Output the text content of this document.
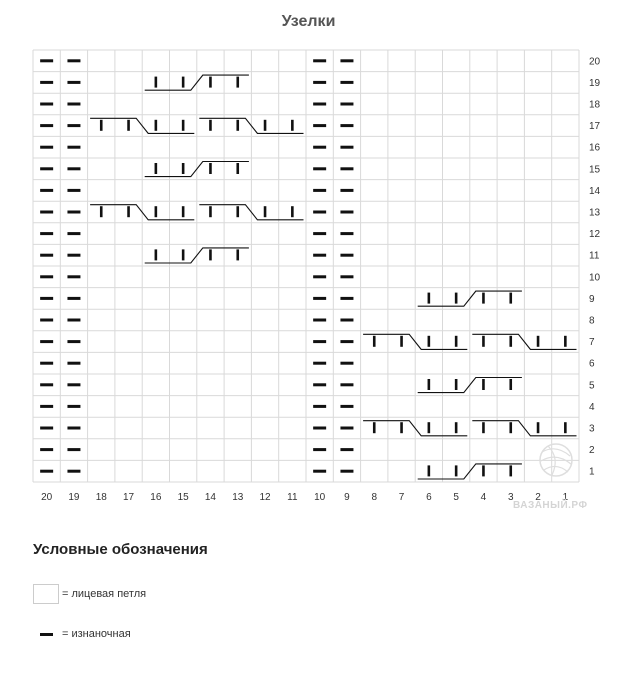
Узелки
20
19
18
17
16
15
14
13
12
11
10
9
8
7
6
5
4
3
2
1
20 19 18 17 16 15 14 13 12 11 10 9 8 7 6 5 4 3 2 1
ВАЗАНЫЙ.РФ
Условные обозначения
= лицевая петля
= изнаночная
